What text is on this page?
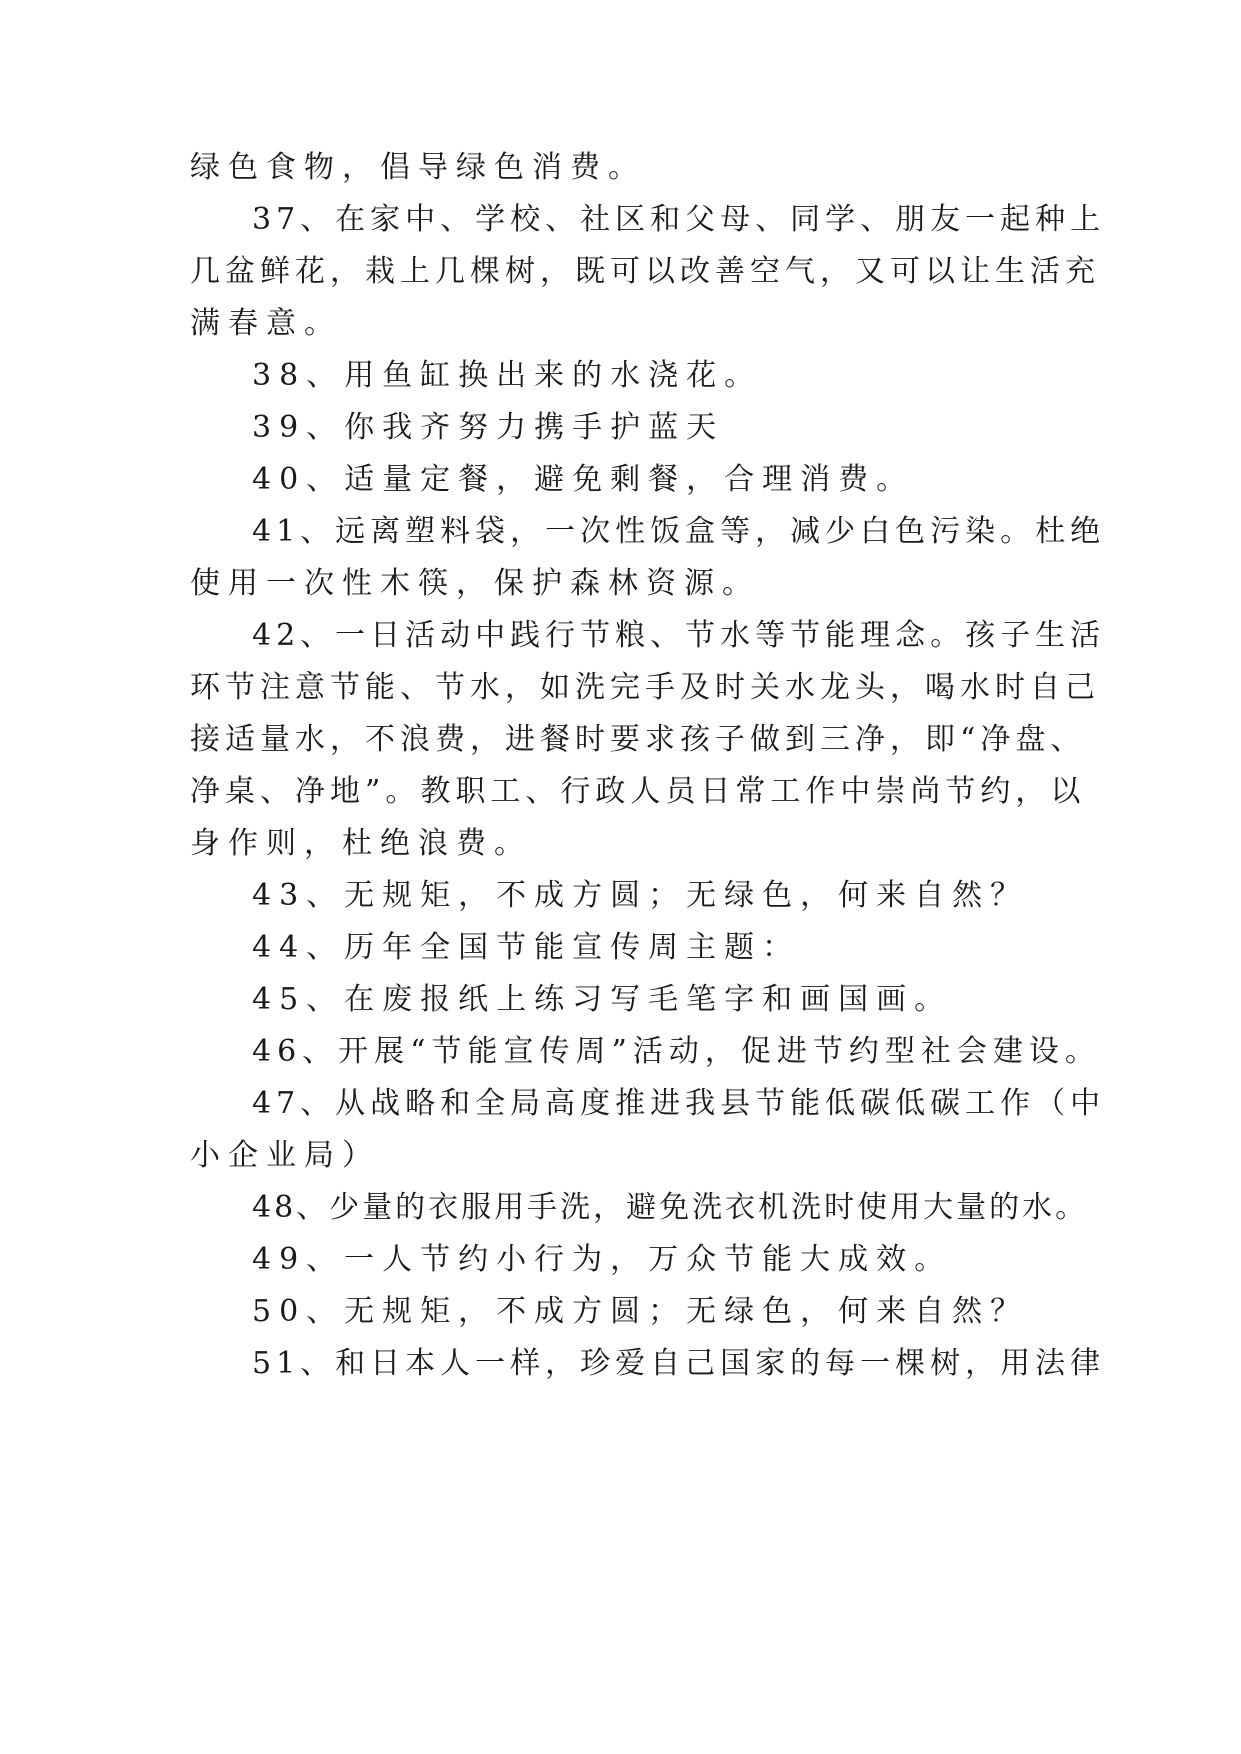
绿色食物，倡导绿色消费。
37、在家中、学校、社区和父母、同学、朋友一起种上
几盆鲜花，栽上几棵树，既可以改善空气，又可以让生活充
满春意。
38、用鱼缸换出来的水浇花。
39、你我齐努力携手护蓝天
40、适量定餐，避免剩餐，合理消费。
41、远离塑料袋，一次性饭盒等，减少白色污染。杜绝
使用一次性木筷，保护森林资源。
42、一日活动中践行节粮、节水等节能理念。孩子生活
环节注意节能、节水，如洗完手及时关水龙头，喝水时自己
接适量水，不浪费，进餐时要求孩子做到三净，即“净盘、
净桌、净地”。教职工、行政人员日常工作中崇尚节约，以
身作则，杜绝浪费。
43、无规矩，不成方圆；无绿色，何来自然？
44、历年全国节能宣传周主题：
45、在废报纸上练习写毛笔字和画国画。
46、开展“节能宣传周”活动，促进节约型社会建设。
47、从战略和全局高度推进我县节能低碳低碳工作（中
小企业局）
48、少量的衣服用手洗，避免洗衣机洗时使用大量的水。
49、一人节约小行为，万众节能大成效。
50、无规矩，不成方圆；无绿色，何来自然？
51、和日本人一样，珍爱自己国家的每一棵树，用法律
